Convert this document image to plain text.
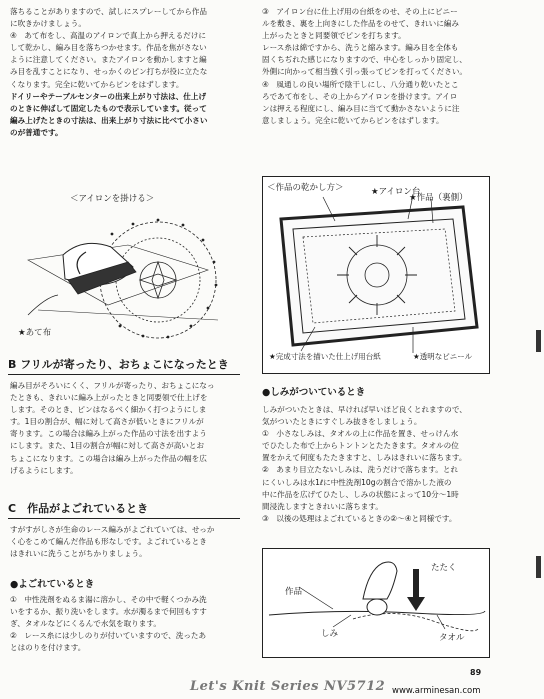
落ちることがありますので、試しにスプレーしてから作品

に吹きかけましょう。

④　あて布をし、高温のアイロンで真上から押えるだけに

して乾かし、編み目を落ちつかせます。作品を焦がさない

ように注意してください。またアイロンを動かしますと編

み目を乱すことになり、せっかくのピン打ちが役に立たな

くなります。完全に乾いてからピンをはずします。

ドイリーやテーブルセンターの出来上がり寸法は、仕上げ

のときに伸ばして固定したもので表示しています。従って

編み上げたときの寸法は、出来上がり寸法に比べて小さい

のが普通です。

＜アイロンを掛ける＞
★あて布
B フリルが寄ったり、おちょこになったとき

編み目がそろいにくく、フリルが寄ったり、おちょこになっ

たときも、きれいに編み上がったときと同要領で仕上げを

します。そのとき、ピンはなるべく細かく打つようにしま

す。1目の割合が、幅に対して高さが低いときにフリルが

寄ります。この場合は編み上がった作品の寸法を出すよう

にします。また、1目の割合が幅に対して高さが高いとお

ちょこになります。この場合は編み上がった作品の幅を広

げるようにします。

C　作品がよごれているとき

すがすがしさが生命のレース編みがよごれていては、せっか

く心をこめて編んだ作品も形なしです。よごれているとき

はきれいに洗うことがちかりましょう。

●よごれているとき

①　中性洗剤をぬるま湯に溶かし、その中で軽くつかみ洗

いをするか、振り洗いをします。水が濁るまで何回もすす

ぎ、タオルなどにくるんで水気を取ります。

②　レース糸には少しのりが付いていますので、洗ったあ

とはのりを付けます。

③　アイロン台に仕上げ用の台紙をのせ、その上にビニー

ルを敷き、裏を上向きにした作品をのせて、きれいに編み

上がったときと同要領でピンを打ちます。

レース糸は綿ですから、洗うと縮みます。編み目を全体も

固くちぢれた感じになりますので、中心をしっかり固定し、

外側に向かって相当強く引っ張ってピンを打ってください。

④　風通しの良い場所で陰干しにし、八分通り乾いたとこ

ろであて布をし、その上からアイロンを掛けます。アイロ

ンは押える程度にし、編み目に当てて動かさないように注

意しましょう。完全に乾いてからピンをはずします。

＜作品の乾かし方＞	★アイロン台
★作品（裏側）
★完成寸法を描いた仕上げ用台紙	★透明なビニール
●しみがついているとき

しみがついたときは、早ければ早いほど良くとれますので、

気がついたときにすぐしみ抜きをしましょう。

①　小さなしみは、タオルの上に作品を置き、せっけん水

でひたした布で上からトントンとたたきます。タオルの位

置をかえて何度もたたきますと、しみはきれいに落ちます。

②　あまり目立たないしみは、洗うだけで落ちます。とれ

にくいしみは水1ℓに中性洗剤10gの割合で溶かした液の

中に作品を広げてひたし、しみの状態によって10分〜1時

間浸洗しますときれいに落ちます。

③　以後の処理はよごれているときの②〜④と同様です。

作品
たたく
しみ	タオル
Let's Knit Series NV5712
89
www.arminesan.com
